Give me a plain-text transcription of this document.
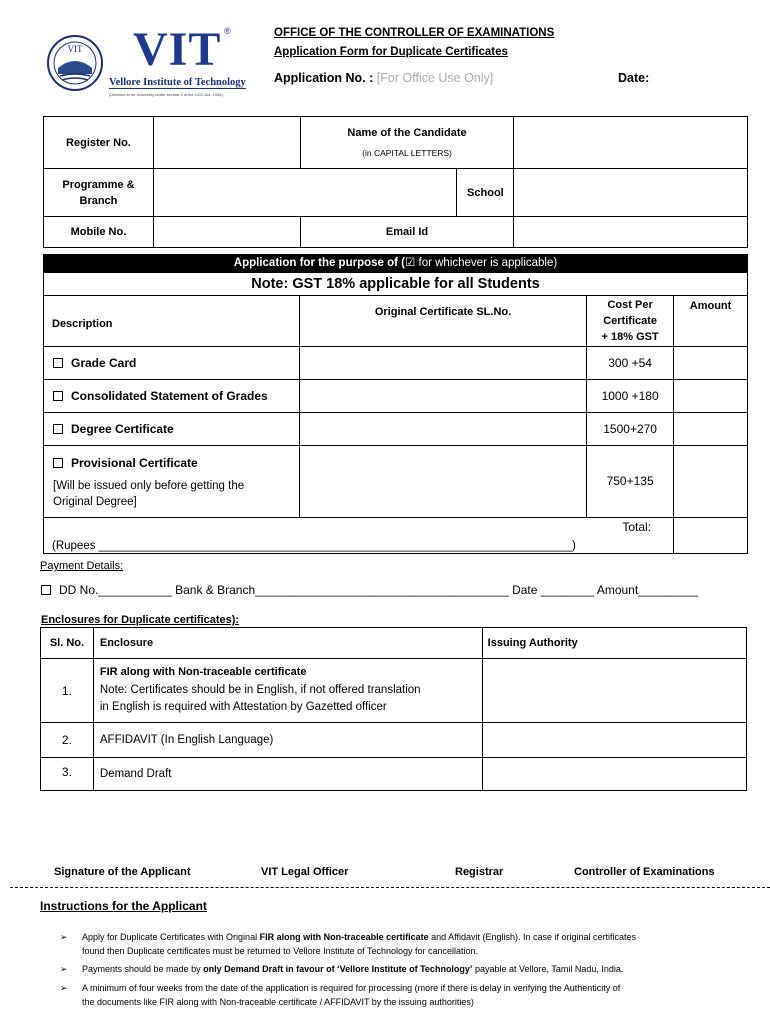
VIT	VIT ®
Vellore Institute of Technology
(Deemed to be University under section 3 of the UGC Act, 1956)
OFFICE OF THE CONTROLLER OF EXAMINATIONS
Application Form for Duplicate Certificates
Application No. : [For Office Use Only]	Date:
Register No.		Name of the Candidate
(in CAPITAL LETTERS)		

Programme &
Branch			School	
Mobile No.		Email Id		
Application for the purpose of (☑ for whichever is applicable)
Note: GST 18% applicable for all Students			
Description	Original Certificate SL.No.	Cost Per
Certificate
+ 18% GST	Amount
Grade Card		300 +54	
Consolidated Statement of Grades		1000 +180	
Degree Certificate		1500+270	

Provisional Certificate
[Will be issued only before getting the
Original Degree]		750+135	

Total:
(Rupees __________________________________________________________________________)			

Payment Details:
DD No.___________ Bank & Branch______________________________________ Date ________ Amount_________
Enclosures for Duplicate certificates):
Sl. No.	Enclosure	Issuing Authority
1.	FIR along with Non-traceable certificate
Note: Certificates should be in English, if not offered translation
in English is required with Attestation by Gazetted officer	

2.	AFFIDAVIT (In English Language)	
3.	Demand Draft	
Signature of the Applicant	VIT Legal Officer	Registrar	Controller of Examinations
Instructions for the Applicant
➢ Apply for Duplicate Certificates with Original FIR along with Non-traceable certificate and Affidavit (English). In case if original certificates
found then Duplicate certificates must be returned to Vellore Institute of Technology for cancellation.
➢ Payments should be made by only Demand Draft in favour of ‘Vellore Institute of Technology’ payable at Vellore, Tamil Nadu, India.
➢ A minimum of four weeks from the date of the application is required for processing (more if there is delay in verifying the Authenticity of
the documents like FIR along with Non-traceable certificate / AFFIDAVIT by the issuing authorities)
